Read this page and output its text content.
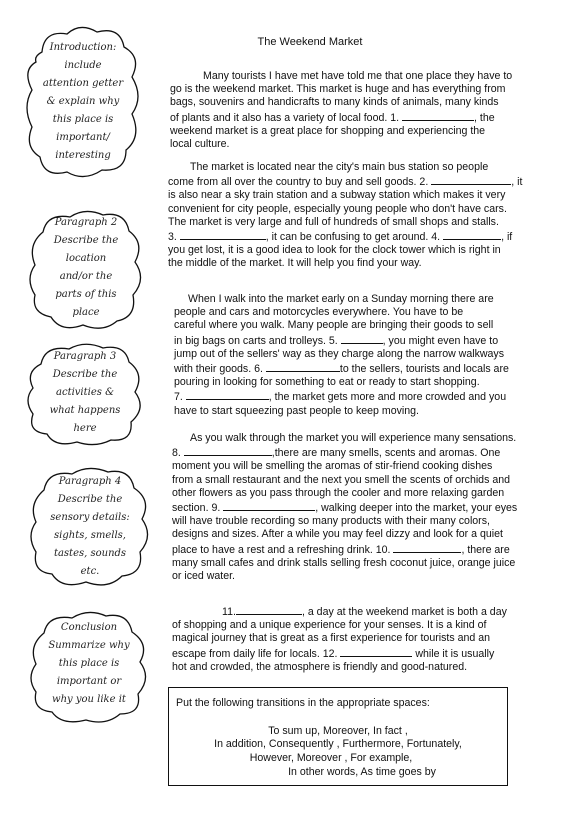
Introduction:
include
attention getter
& explain why
this place is
important/
interesting
Paragraph 2
Describe the
location
and/or the
parts of this
place
Paragraph 3
Describe the
activities &
what happens
here
Paragraph 4
Describe the
sensory details:
sights, smells,
tastes, sounds
etc.
Conclusion
Summarize why
this place is
important or
why you like it
The Weekend Market
Many tourists I have met have told me that one place they have to
go is the weekend market. This market is huge and has everything from
bags, souvenirs and handicrafts to many kinds of animals, many kinds
of plants and it also has a variety of local food. 1.	, the
weekend market is a great place for shopping and experiencing the
local culture.
The market is located near the city's main bus station so people
come from all over the country to buy and sell goods. 2.	, it
is also near a sky train station and a subway station which makes it very
convenient for city people, especially young people who don't have cars.
The market is very large and full of hundreds of small shops and stalls.
3.	, it can be confusing to get around. 4.	, if
you get lost, it is a good idea to look for the clock tower which is right in
the middle of the market. It will help you find your way.
When I walk into the market early on a Sunday morning there are
people and cars and motorcycles everywhere. You have to be
careful where you walk. Many people are bringing their goods to sell
in big bags on carts and trolleys. 5.	, you might even have to
jump out of the sellers' way as they charge along the narrow walkways
with their goods. 6.	to the sellers, tourists and locals are
pouring in looking for something to eat or ready to start shopping.
7.	, the market gets more and more crowded and you
have to start squeezing past people to keep moving.
As you walk through the market you will experience many sensations.
8.	,there are many smells, scents and aromas. One
moment you will be smelling the aromas of stir-friend cooking dishes
from a small restaurant and the next you smell the scents of orchids and
other flowers as you pass through the cooler and more relaxing garden
section. 9.	, walking deeper into the market, your eyes
will have trouble recording so many products with their many colors,
designs and sizes. After a while you may feel dizzy and look for a quiet
place to have a rest and a refreshing drink. 10.	, there are
many small cafes and drink stalls selling fresh coconut juice, orange juice
or iced water.
11.	, a day at the weekend market is both a day
of shopping and a unique experience for your senses. It is a kind of
magical journey that is great as a first experience for tourists and an
escape from daily life for locals. 12.	while it is usually
hot and crowded, the atmosphere is friendly and good-natured.
Put the following transitions in the appropriate spaces:
To sum up, Moreover, In fact ,
In addition, Consequently , Furthermore, Fortunately,
However, Moreover , For example,
In other words, As time goes by
